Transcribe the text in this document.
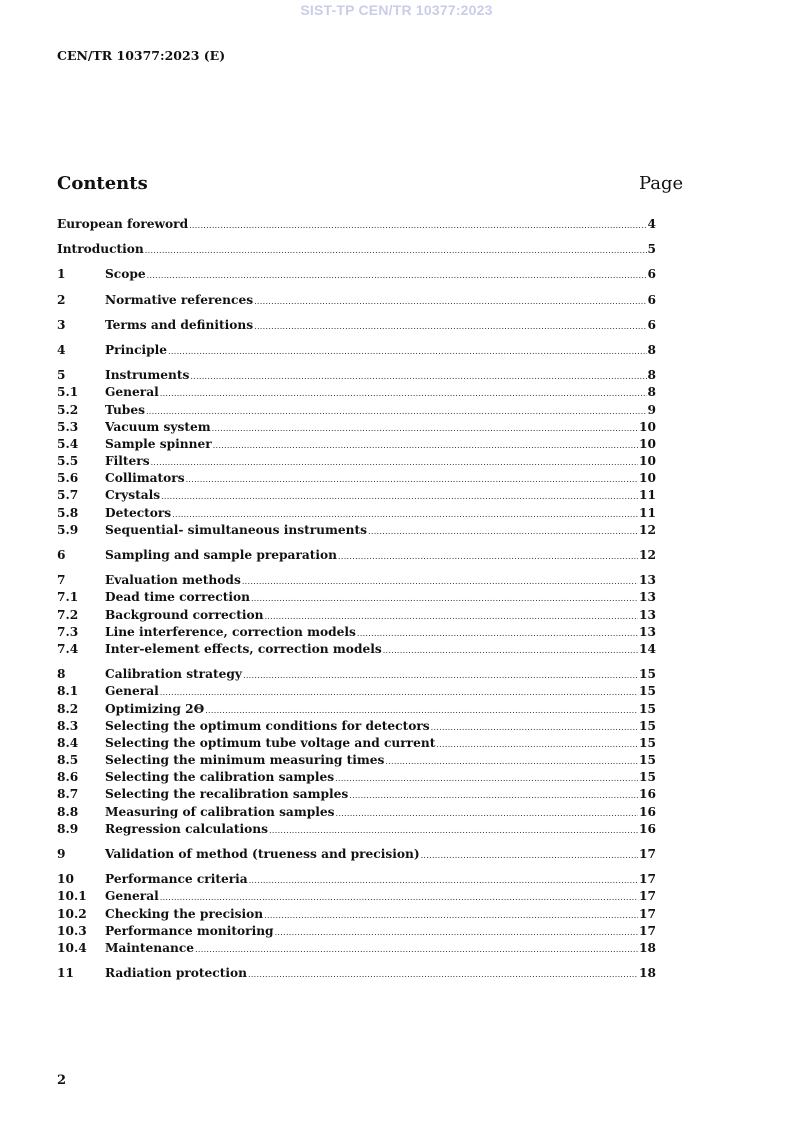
SIST-TP CEN/TR 10377:2023
CEN/TR 10377:2023 (E)
Contents	Page
European foreword .....	4
Introduction .....	5
1	Scope .....	6
2	Normative references .....	6
3	Terms and definitions .....	6
4	Principle .....	8
5	Instruments .....	8
5.1	General .....	8
5.2	Tubes .....	9
5.3	Vacuum system .....	10
5.4	Sample spinner .....	10
5.5	Filters .....	10
5.6	Collimators .....	10
5.7	Crystals .....	11
5.8	Detectors .....	11
5.9	Sequential- simultaneous instruments .....	12
6	Sampling and sample preparation .....	12
7	Evaluation methods .....	13
7.1	Dead time correction .....	13
7.2	Background correction .....	13
7.3	Line interference, correction models .....	13
7.4	Inter-element effects, correction models .....	14
8	Calibration strategy .....	15
8.1	General .....	15
8.2	Optimizing 2Θ .....	15
8.3	Selecting the optimum conditions for detectors .....	15
8.4	Selecting the optimum tube voltage and current .....	15
8.5	Selecting the minimum measuring times .....	15
8.6	Selecting the calibration samples .....	15
8.7	Selecting the recalibration samples .....	16
8.8	Measuring of calibration samples .....	16
8.9	Regression calculations .....	16
9	Validation of method (trueness and precision) .....	17
10	Performance criteria .....	17
10.1	General .....	17
10.2	Checking the precision .....	17
10.3	Performance monitoring .....	17
10.4	Maintenance .....	18
11	Radiation protection .....	18
2
